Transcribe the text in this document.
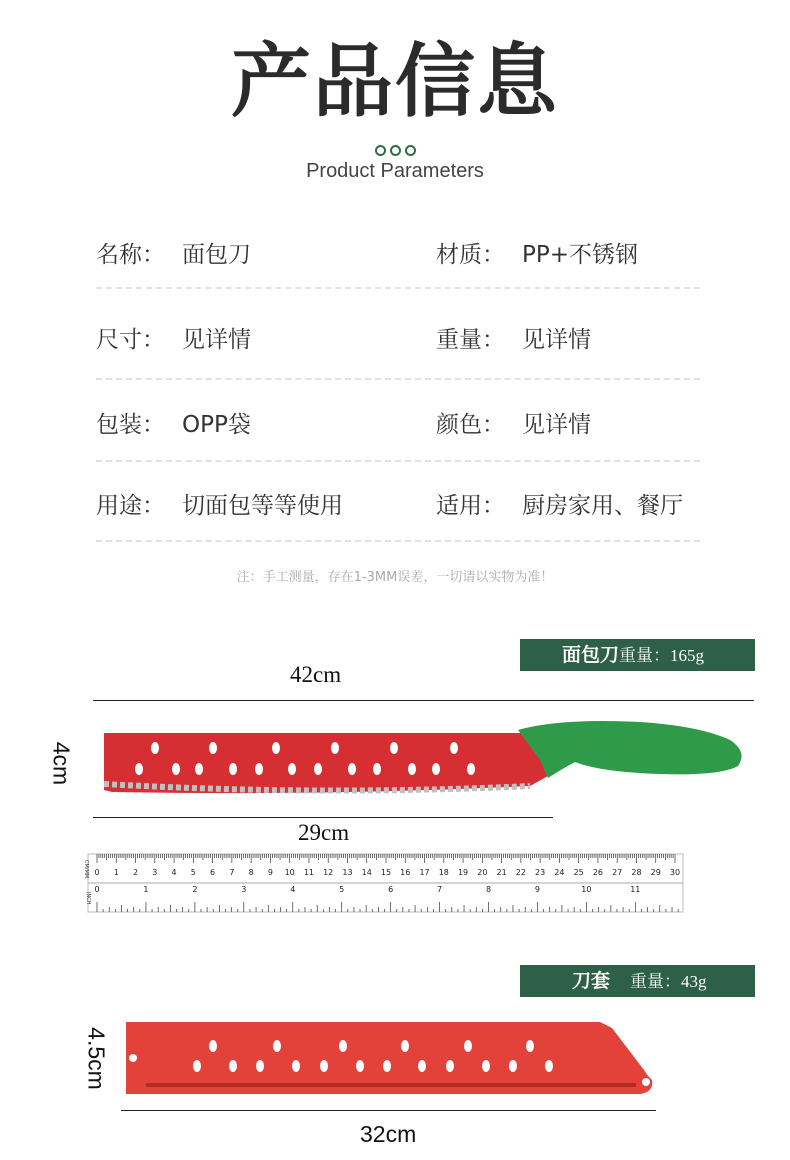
产品信息
Product Parameters
名称： 面包刀	材质： PP+不锈钢
尺寸： 见详情	重量： 见详情
包装： OPP袋	颜色： 见详情
用途： 切面包等等使用	适用： 厨房家用、餐厅
注：手工测量，存在1-3MM误差，一切请以实物为准！
面包刀重量：165g
42cm
4cm
29cm
0 1 2 3 4 5 6 7 8 9 10 11 12 13 14 15 16 17 18 19 20 21 22 23 24 25 26 27 28 29 30
0	1	2	3	4	5	6	7	8	9	10	11
CM/MM
INCH
刀套 重量：43g
4.5cm
32cm
